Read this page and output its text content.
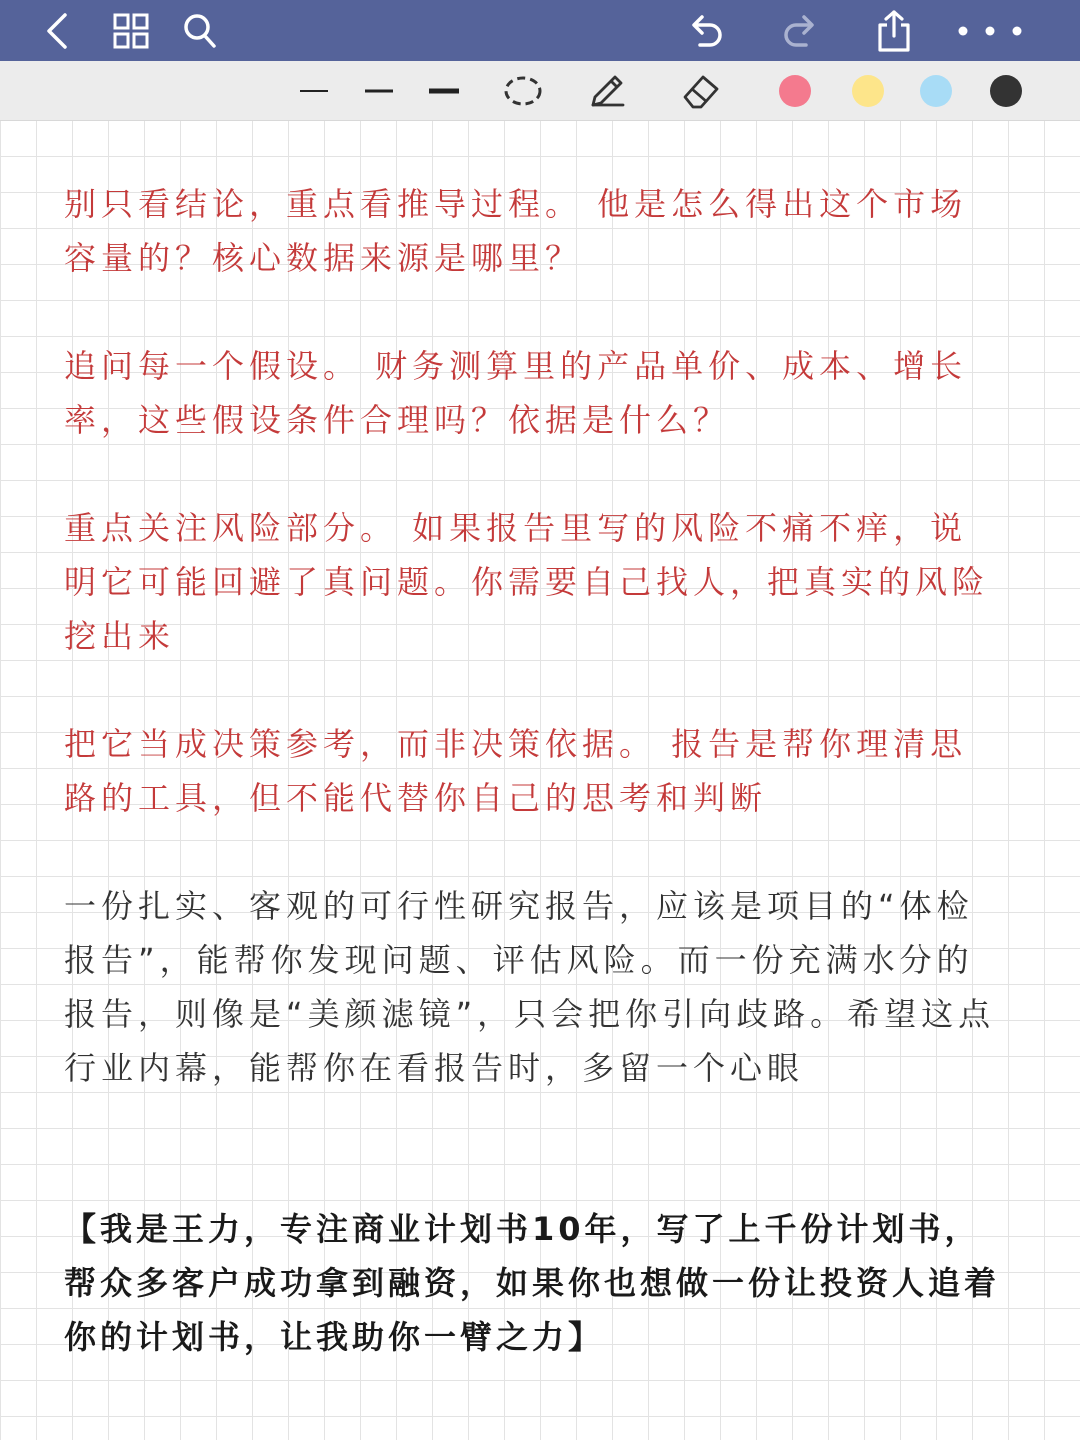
别只看结论，重点看推导过程。 他是怎么得出这个市场容量的？核心数据来源是哪里？

追问每一个假设。 财务测算里的产品单价、成本、增长率，这些假设条件合理吗？依据是什么？

重点关注风险部分。 如果报告里写的风险不痛不痒，说明它可能回避了真问题。你需要自己找人，把真实的风险挖出来

把它当成决策参考，而非决策依据。 报告是帮你理清思路的工具，但不能代替你自己的思考和判断

一份扎实、客观的可行性研究报告，应该是项目的“体检报告”，能帮你发现问题、评估风险。而一份充满水分的报告，则像是“美颜滤镜”，只会把你引向歧路。希望这点行业内幕，能帮你在看报告时，多留一个心眼

【我是王力，专注商业计划书10年，写了上千份计划书，帮众多客户成功拿到融资，如果你也想做一份让投资人追着你的计划书，让我助你一臂之力】
